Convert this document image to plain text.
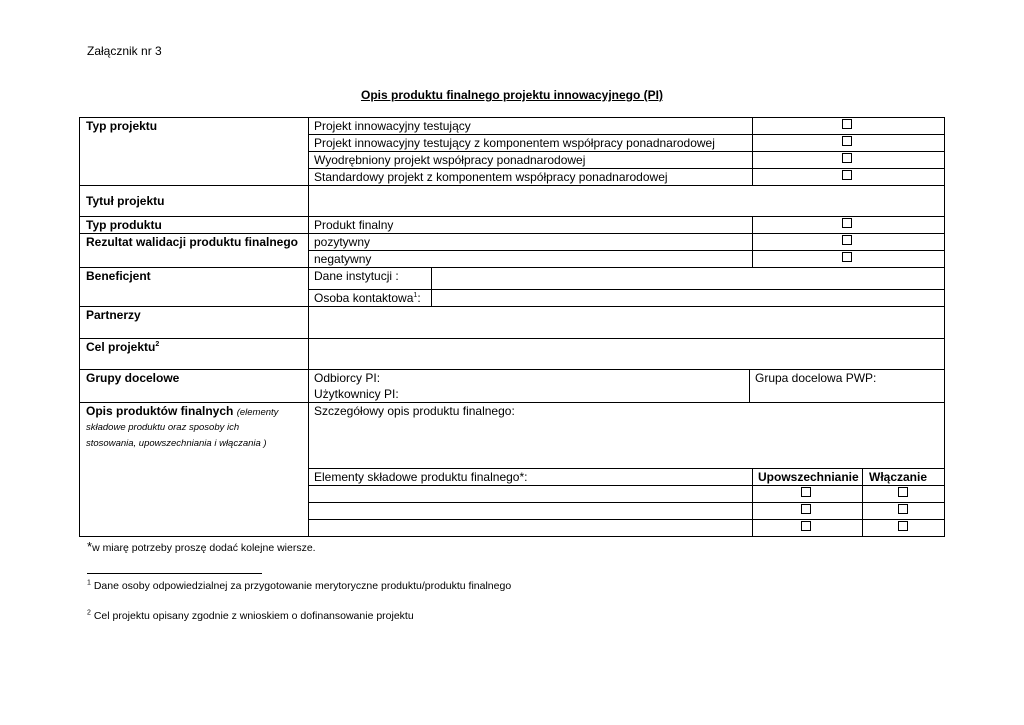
Załącznik nr 3
Opis produktu finalnego projektu innowacyjnego (PI)
Typ projektu
Tytuł projektu
Typ produktu
Rezultat walidacji produktu finalnego
Beneficjent
Partnerzy
Cel projektu$^2$
Grupy docelowe
Opis produktów finalnych (elementy
składowe produktu oraz sposoby ich
stosowania, upowszechniania i włączania )
Projekt innowacyjny testujący
Projekt innowacyjny testujący z komponentem współpracy ponadnarodowej
Wyodrębniony projekt współpracy ponadnarodowej
Standardowy projekt z komponentem współpracy ponadnarodowej
Produkt finalny
pozytywny
negatywny
Dane instytucji :
Osoba kontaktowa$^1$:
Odbiorcy PI:
Użytkownicy PI:
Grupa docelowa PWP:
Szczegółowy opis produktu finalnego:
Elementy składowe produktu finalnego*:	Upowszechnianie Włączanie
*w miarę potrzeby proszę dodać kolejne wiersze.
$^1$ Dane osoby odpowiedzialnej za przygotowanie merytoryczne produktu/produktu finalnego
$^2$ Cel projektu opisany zgodnie z wnioskiem o dofinansowanie projektu
